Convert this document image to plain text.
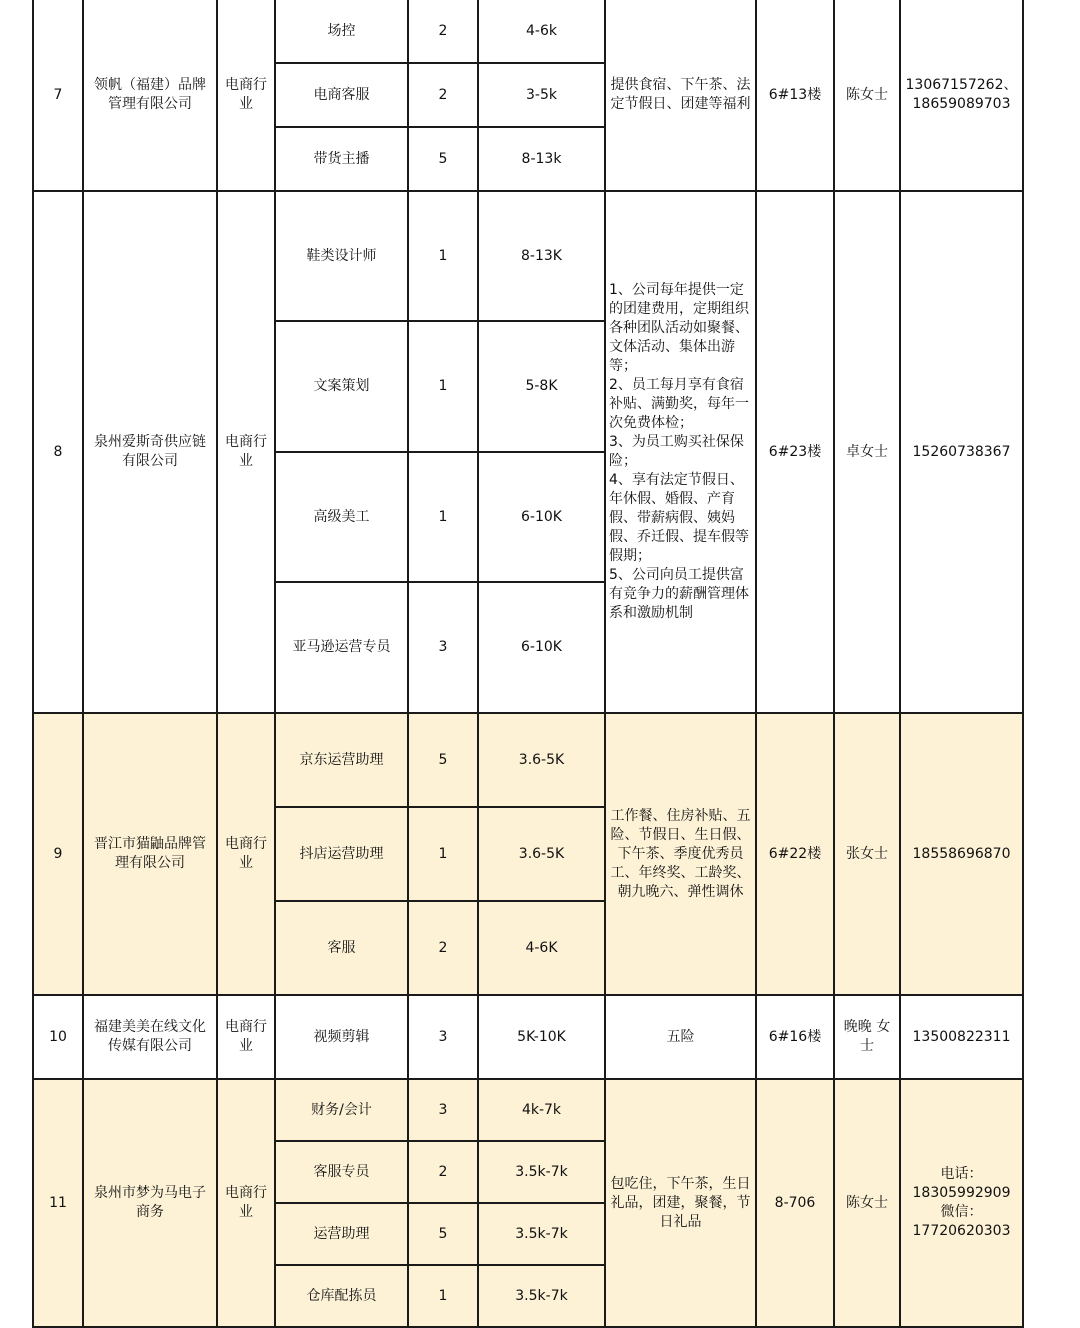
7	领帆（福建）品牌管理有限公司	电商行业	场控	2	4-6k	提供食宿、下午茶、法定节假日、团建等福利	6#13楼	陈女士	13067157262、18659089703
			电商客服	2	3-5k				
			带货主播	5	8-13k				
8	泉州爱斯奇供应链有限公司	电商行业	鞋类设计师	1	8-13K	1、公司每年提供一定的团建费用，定期组织各种团队活动如聚餐、文体活动、集体出游等；
2、员工每月享有食宿补贴、满勤奖，每年一次免费体检；
3、为员工购买社保保险；
4、享有法定节假日、年休假、婚假、产育假、带薪病假、姨妈假、乔迁假、提车假等假期；
5、公司向员工提供富有竞争力的薪酬管理体系和激励机制	6#23楼	卓女士	15260738367
			文案策划	1	5-8K				
			高级美工	1	6-10K				
			亚马逊运营专员	3	6-10K				
9	晋江市猫鼬品牌管理有限公司	电商行业	京东运营助理	5	3.6-5K	工作餐、住房补贴、五险、节假日、生日假、下午茶、季度优秀员工、年终奖、工龄奖、朝九晚六、弹性调休	6#22楼	张女士	18558696870
			抖店运营助理	1	3.6-5K				
			客服	2	4-6K				
10	福建美美在线文化传媒有限公司	电商行业	视频剪辑	3	5K-10K	五险	6#16楼	晚晚 女士	13500822311
11	泉州市梦为马电子商务	电商行业	财务/会计	3	4k-7k	包吃住，下午茶，生日礼品，团建，聚餐，节日礼品	8-706	陈女士	电话：
18305992909
微信：
17720620303

			客服专员	2	3.5k-7k				
			运营助理	5	3.5k-7k				
			仓库配拣员	1	3.5k-7k				
